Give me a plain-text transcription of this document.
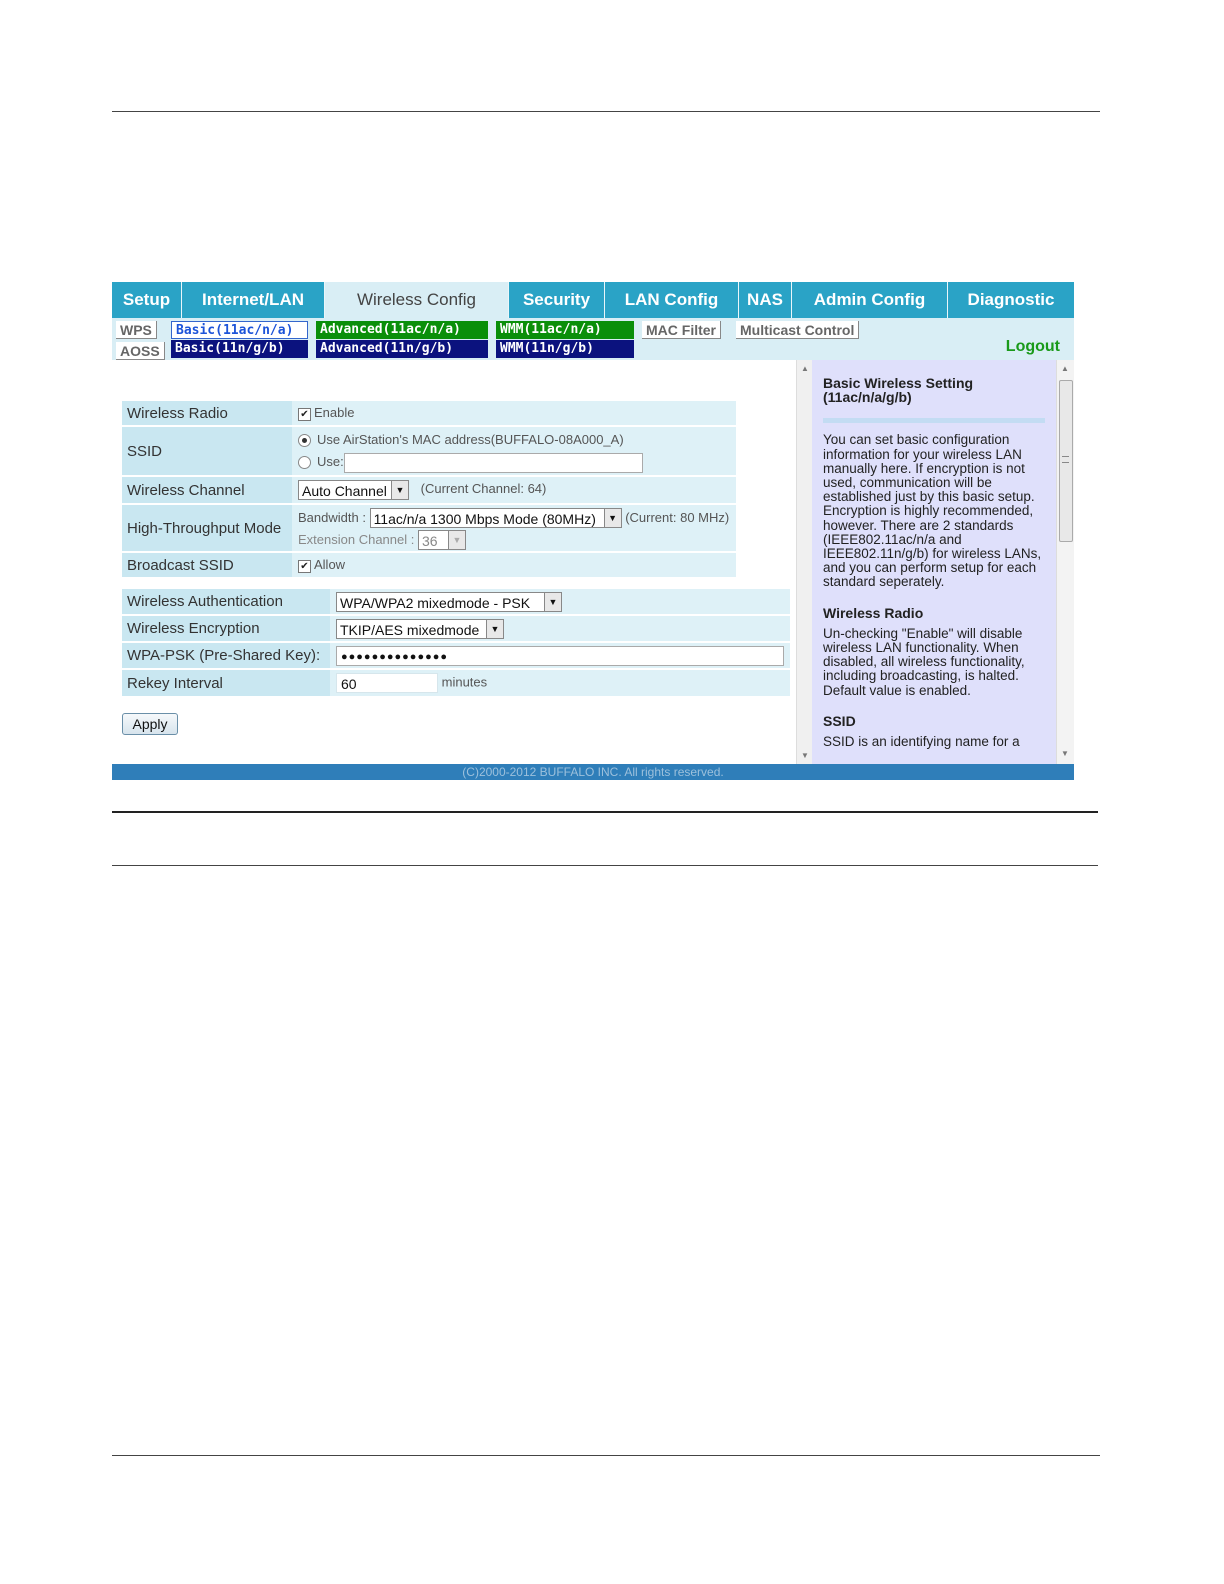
Setup	Internet/LAN	Wireless Config	Security	LAN Config	NAS	Admin Config	Diagnostic
WPS
AOSS
Basic(11ac/n/a)
Basic(11n/g/b)
Advanced(11ac/n/a)
Advanced(11n/g/b)
WMM(11ac/n/a)
WMM(11n/g/b)
MAC Filter	Multicast Control
Logout
Wireless Radio	✔ Enable
SSID	Use AirStation's MAC address(BUFFALO-08A000_A)
Use:

Wireless Channel	Auto Channel ▼ (Current Channel: 64)
High-Throughput Mode	Bandwidth : 11ac/n/a 1300 Mbps Mode (80MHz) ▼ (Current: 80 MHz)
Extension Channel : 36 ▼

Broadcast SSID	✔ Allow
Wireless Authentication	WPA/WPA2 mixedmode - PSK ▼

Wireless Encryption	TKIP/AES mixedmode ▼

WPA-PSK (Pre-Shared Key):	●●●●●●●●●●●●●●
Rekey Interval	60 minutes
Apply
▲
▼
Basic Wireless Setting (11ac/n/a/g/b)

You can set basic configuration information for your wireless LAN manually here. If encryption is not used, communication will be established just by this basic setup. Encryption is highly recommended, however. There are 2 standards (IEEE802.11ac/n/a and IEEE802.11n/g/b) for wireless LANs, and you can perform setup for each standard seperately.

Wireless Radio

Un-checking "Enable" will disable wireless LAN functionality. When disabled, all wireless functionality, including broadcasting, is halted. Default value is enabled.

SSID

SSID is an identifying name for a

▲
▼
(C)2000-2012 BUFFALO INC. All rights reserved.
